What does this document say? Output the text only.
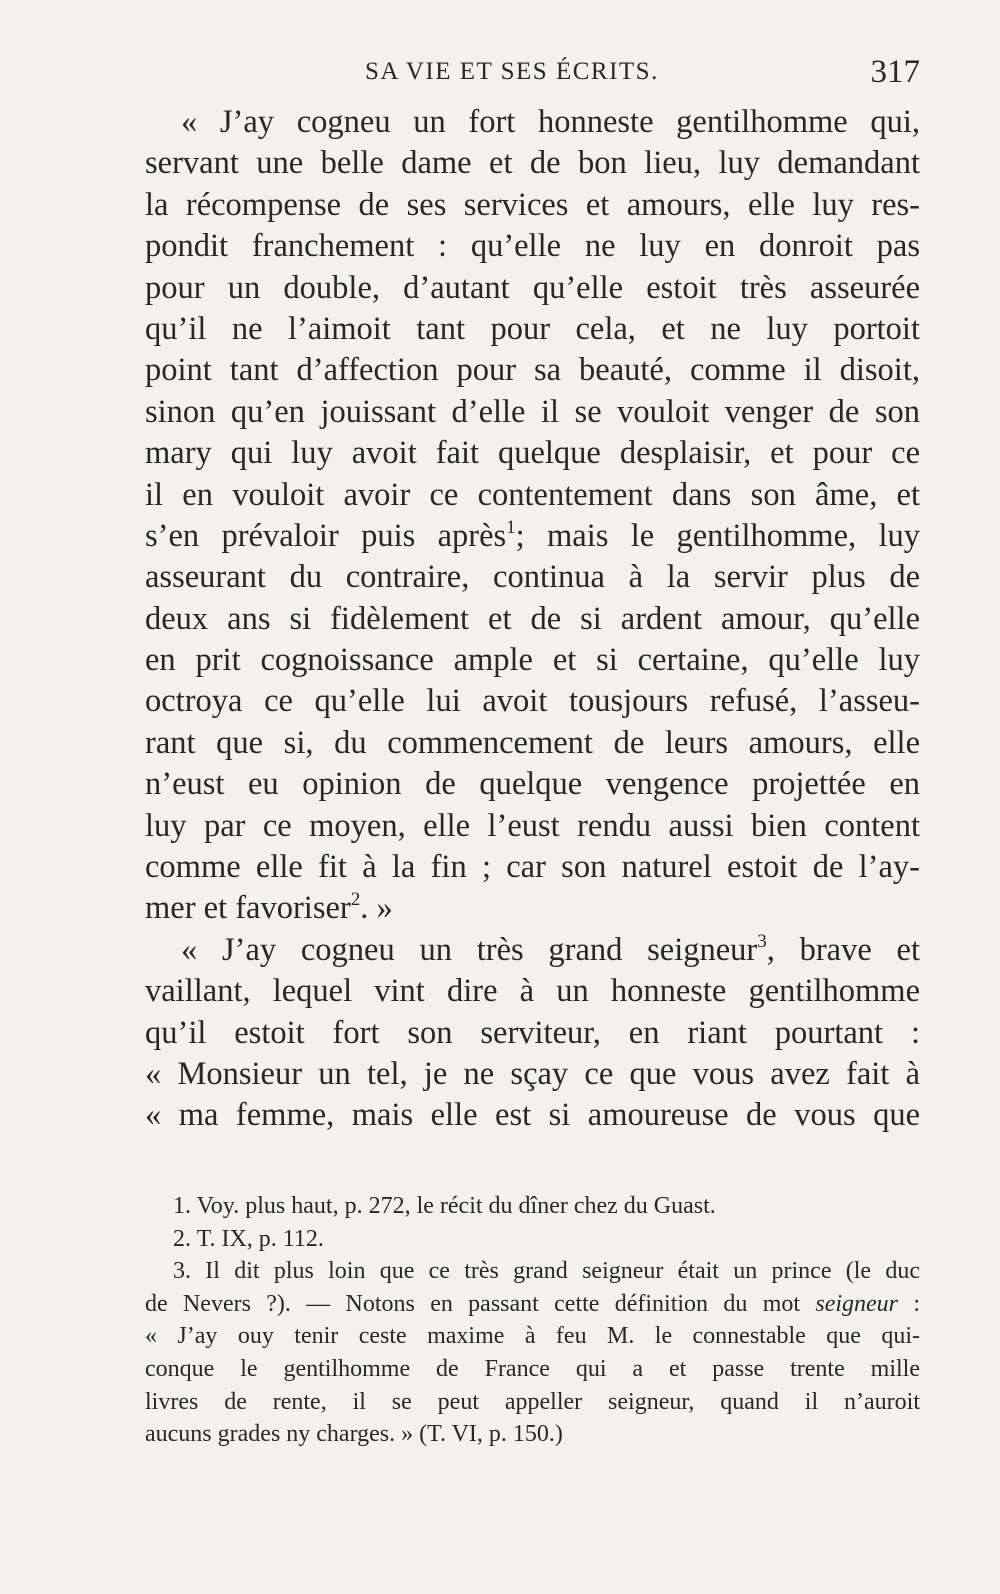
SA VIE ET SES ÉCRITS.	317
« J’ay cogneu un fort honneste gentilhomme qui,
servant une belle dame et de bon lieu, luy demandant
la récompense de ses services et amours, elle luy res-
pondit franchement : qu’elle ne luy en donroit pas
pour un double, d’autant qu’elle estoit très asseurée
qu’il ne l’aimoit tant pour cela, et ne luy portoit
point tant d’affection pour sa beauté, comme il disoit,
sinon qu’en jouissant d’elle il se vouloit venger de son
mary qui luy avoit fait quelque desplaisir, et pour ce
il en vouloit avoir ce contentement dans son âme, et
s’en prévaloir puis après$^1$; mais le gentilhomme, luy
asseurant du contraire, continua à la servir plus de
deux ans si fidèlement et de si ardent amour, qu’elle
en prit cognoissance ample et si certaine, qu’elle luy
octroya ce qu’elle lui avoit tousjours refusé, l’asseu-
rant que si, du commencement de leurs amours, elle
n’eust eu opinion de quelque vengence projettée en
luy par ce moyen, elle l’eust rendu aussi bien content
comme elle fit à la fin ; car son naturel estoit de l’ay-
mer et favoriser$^2$. »
« J’ay cogneu un très grand seigneur$^3$, brave et
vaillant, lequel vint dire à un honneste gentilhomme
qu’il estoit fort son serviteur, en riant pourtant :
« Monsieur un tel, je ne sçay ce que vous avez fait à
« ma femme, mais elle est si amoureuse de vous que
1. Voy. plus haut, p. 272, le récit du dîner chez du Guast.
2. T. IX, p. 112.
3. Il dit plus loin que ce très grand seigneur était un prince (le duc
de Nevers ?). — Notons en passant cette définition du mot seigneur :
« J’ay ouy tenir ceste maxime à feu M. le connestable que qui-
conque le gentilhomme de France qui a et passe trente mille
livres de rente, il se peut appeller seigneur, quand il n’auroit
aucuns grades ny charges. » (T. VI, p. 150.)
